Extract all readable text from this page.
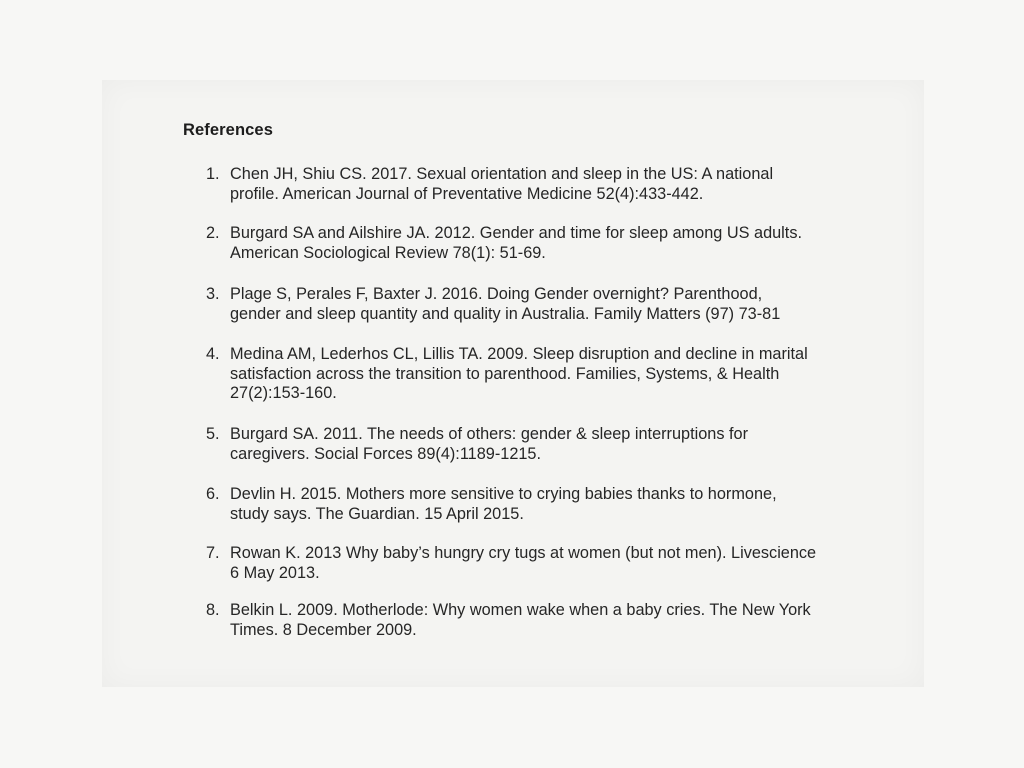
References
1. Chen JH, Shiu CS. 2017. Sexual orientation and sleep in the US: A national
profile. American Journal of Preventative Medicine 52(4):433-442.
2. Burgard SA and Ailshire JA. 2012. Gender and time for sleep among US adults.
American Sociological Review 78(1): 51-69.
3. Plage S, Perales F, Baxter J. 2016. Doing Gender overnight? Parenthood,
gender and sleep quantity and quality in Australia. Family Matters (97) 73-81
4. Medina AM, Lederhos CL, Lillis TA. 2009. Sleep disruption and decline in marital
satisfaction across the transition to parenthood. Families, Systems, & Health
27(2):153-160.
5. Burgard SA. 2011. The needs of others: gender & sleep interruptions for
caregivers. Social Forces 89(4):1189-1215.
6. Devlin H. 2015. Mothers more sensitive to crying babies thanks to hormone,
study says. The Guardian. 15 April 2015.
7. Rowan K. 2013 Why baby’s hungry cry tugs at women (but not men). Livescience
6 May 2013.
8. Belkin L. 2009. Motherlode: Why women wake when a baby cries. The New York
Times. 8 December 2009.
